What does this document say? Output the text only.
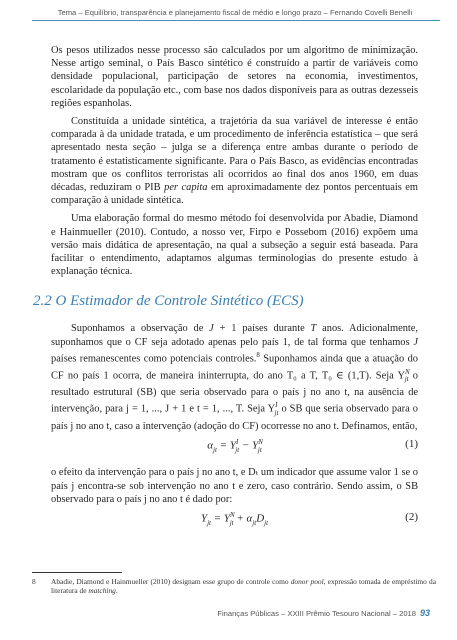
Tema – Equilíbrio, transparência e planejamento fiscal de médio e longo prazo – Fernando Covelli Benelli

Os pesos utilizados nesse processo são calculados por um algoritmo de minimização. Nesse artigo seminal, o País Basco sintético é construído a partir de variáveis como densidade populacional, participação de setores na economia, investimentos, escolaridade da população etc., com base nos dados disponíveis para as outras dezesseis regiões espanholas.

Constituída a unidade sintética, a trajetória da sua variável de interesse é então comparada à da unidade tratada, e um procedimento de inferência estatística – que será apresentado nesta seção – julga se a diferença entre ambas durante o período de tratamento é estatisticamente significante. Para o País Basco, as evidências encontradas mostram que os conflitos terroristas ali ocorridos ao final dos anos 1960, em duas décadas, reduziram o PIB per capita em aproximadamente dez pontos percentuais em comparação à unidade sintética.

Uma elaboração formal do mesmo método foi desenvolvida por Abadie, Diamond e Hainmueller (2010). Contudo, a nosso ver, Firpo e Possebom (2016) expõem uma versão mais didática de apresentação, na qual a subseção a seguir está baseada. Para facilitar o entendimento, adaptamos algumas terminologias do presente estudo à explanação técnica.

2.2 O Estimador de Controle Sintético (ECS)

Suponhamos a observação de J + 1 países durante T anos. Adicionalmente, suponhamos que o CF seja adotado apenas pelo país 1, de tal forma que tenhamos J países remanescentes como potenciais controles.$^8$ Suponhamos ainda que a atuação do CF no país 1 ocorra, de maneira ininterrupta, do ano T₀ a T, T₀ ∈ (1,T). Seja $Y^N_{jt}$ o resultado estrutural (SB) que seria observado para o país j no ano t, na ausência de intervenção, para j = 1, ..., J + 1 e t = 1, ..., T. Seja $Y^I_{jt}$ o SB que seria observado para o país j no ano t, caso a intervenção (adoção do CF) ocorresse no ano t. Definamos, então,

$\alpha_{jt} = Y^I_{jt} - Y^N_{jt}$	(1)

o efeito da intervenção para o país j no ano t, e Dₜ um indicador que assume valor 1 se o país j encontra-se sob intervenção no ano t e zero, caso contrário. Sendo assim, o SB observado para o país j no ano t é dado por:

$Y_{jt} = Y^N_{jt} + \alpha_{jt}D_{jt}$	(2)
8 Abadie, Diamond e Hainmueller (2010) designam esse grupo de controle como donor pool, expressão tomada de empréstimo da literatura de matching.
Finanças Públicas – XXIII Prêmio Tesouro Nacional – 2018 93
